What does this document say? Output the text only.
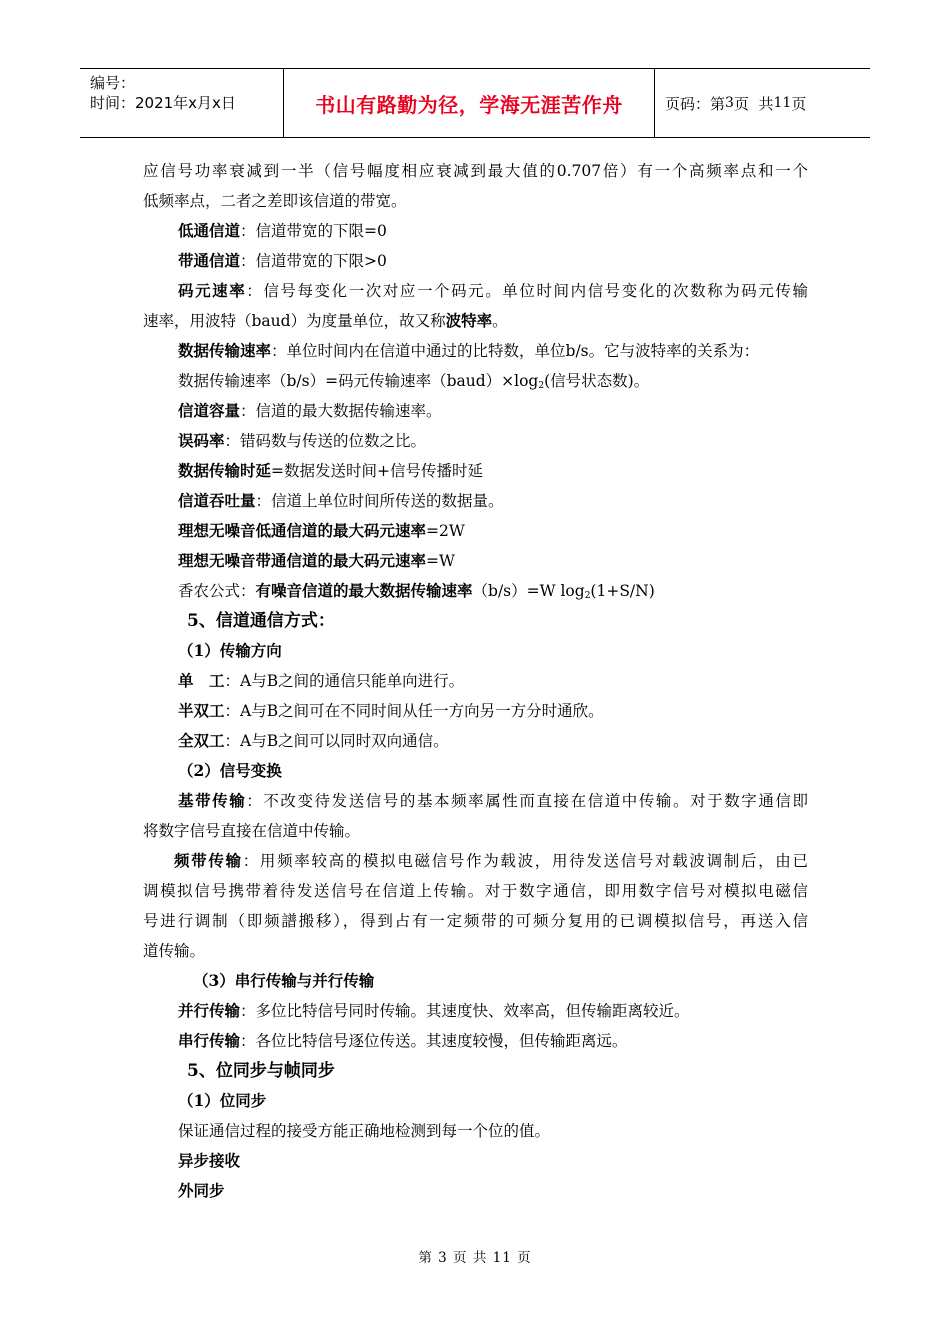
编号：
时间：2021年x月x日	书山有路勤为径，学海无涯苦作舟	页码：第 3 页  共 11 页
应信号功率衰减到一半（信号幅度相应衰减到最大值的0.707倍）有一个高频率点和一个
低频率点，二者之差即该信道的带宽。
低通信道：信道带宽的下限=0
带通信道：信道带宽的下限>0
码元速率：信号每变化一次对应一个码元。单位时间内信号变化的次数称为码元传输
速率，用波特（baud）为度量单位，故又称波特率。
数据传输速率：单位时间内在信道中通过的比特数，单位b/s。它与波特率的关系为：
数据传输速率（b/s）=码元传输速率$(baud)\times\log_2$(信号状态数)。
信道容量：信道的最大数据传输速率。
误码率：错码数与传送的位数之比。
数据传输时延=数据发送时间+信号传播时延
信道吞吐量：信道上单位时间所传送的数据量。
理想无噪音低通信道的最大码元速率=2W
理想无噪音带通信道的最大码元速率=W
香农公式：有噪音信道的最大数据传输速率（b/s）=W $\log_2(1+S/N)$
5、信道通信方式：
（1）传输方向
单　工：A与B之间的通信只能单向进行。
半双工：A与B之间可在不同时间从任一方向另一方分时通欣。
全双工：A与B之间可以同时双向通信。
（2）信号变换
基带传输：不改变待发送信号的基本频率属性而直接在信道中传输。对于数字通信即
将数字信号直接在信道中传输。
频带传输：用频率较高的模拟电磁信号作为载波，用待发送信号对载波调制后，由已
调模拟信号携带着待发送信号在信道上传输。对于数字通信，即用数字信号对模拟电磁信
号进行调制（即频譜搬移），得到占有一定频带的可频分复用的已调模拟信号，再送入信
道传输。
（3）串行传输与并行传输
并行传输：多位比特信号同时传输。其速度快、效率高，但传输距离较近。
串行传输：各位比特信号逐位传送。其速度较慢，但传输距离远。
5、位同步与帧同步
（1）位同步
保证通信过程的接受方能正确地检测到每一个位的值。
异步接收
外同步
第 3 页 共 11 页
